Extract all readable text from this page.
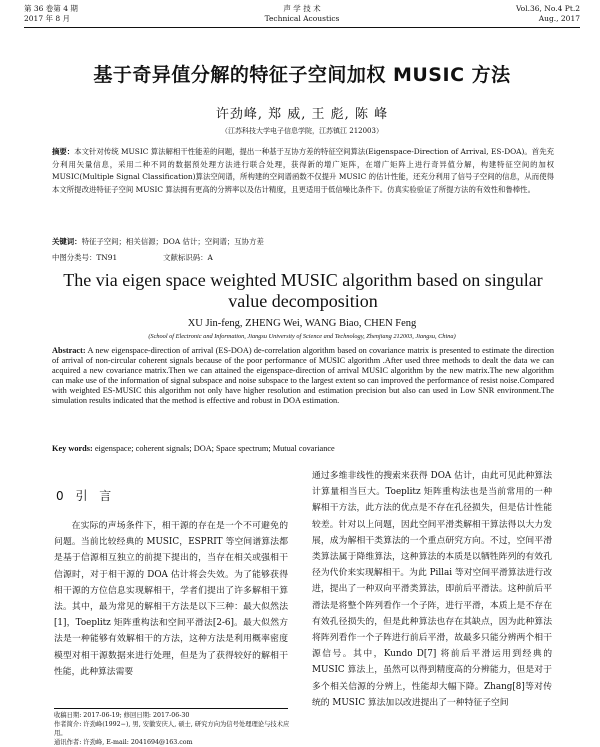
第 36 卷第 4 期
2017 年 8 月
声 学 技 术
Technical Acoustics
Vol.36, No.4 Pt.2
Aug., 2017
基于奇异值分解的特征子空间加权 MUSIC 方法
许劲峰, 郑 威, 王 彪, 陈 峰
（江苏科技大学电子信息学院，江苏镇江 212003）
摘要：本文针对传统 MUSIC 算法解相干性能差的问题，提出一种基于互协方差的特征空间算法(Eigenspace-Direction of Arrival, ES-DOA)。首先充分利用矢量信息，采用二种不同的数据预处理方法进行联合处理，获得新的增广矩阵，在增广矩阵上进行奇异值分解，构建特征空间的加权 MUSIC(Multiple Signal Classification)算法空间谱，所构建的空间谱函数不仅提升 MUSIC 的估计性能，还充分利用了信号子空间的信息，从而使得本文所提改进特征子空间 MUSIC 算法拥有更高的分辨率以及估计精度，且更适用于低信噪比条件下。仿真实验验证了所提方法的有效性和鲁棒性。
关键词：特征子空间；相关信源；DOA 估计；空间谱；互协方差
中图分类号：TN91	文献标识码：A
The via eigen space weighted MUSIC algorithm based on singular value decomposition
XU Jin-feng, ZHENG Wei, WANG Biao, CHEN Feng
(School of Electronic and Information, Jiangsu University of Science and Technology, Zhenjiang 212003, Jiangsu, China)
Abstract: A new eigenspace-direction of arrival (ES-DOA) de-correlation algorithm based on covariance matrix is presented to estimate the direction of arrival of non-circular coherent signals because of the poor performance of MUSIC algorithm .After used three methods to dealt the data we can acquired a new covariance matrix.Then we can attained the eigenspace-direction of arrival MUSIC algorithm by the new matrix.The new algorithm can make use of the information of signal subspace and noise subspace to the largest extent so can improved the performance of resist noise.Compared with weighted ES-MUSIC this algorithm not only have higher resolution and estimation precision but also can used in Low SNR environment.The simulation results indicated that the method is effective and robust in DOA estimation.
Key words: eigenspace; coherent signals; DOA; Space spectrum; Mutual covariance
0 引 言

在实际的声场条件下，相干源的存在是一个不可避免的问题。当前比较经典的 MUSIC，ESPRIT 等空间谱算法都是基于信源相互独立的前提下提出的，当存在相关或强相干信源时，对于相干源的 DOA 估计将会失效。为了能够获得相干源的方位信息实现解相干，学者们提出了许多解相干算法。其中，最为常见的解相干方法是以下三种：最大似然法[1]，Toeplitz 矩阵重构法和空间平滑法[2-6]。最大似然方法是一种能够有效解相干的方法，这种方法是利用概率密度模型对相干源数据来进行处理，但是为了获得较好的解相干性能，此种算法需要

通过多维非线性的搜索来获得 DOA 估计，由此可见此种算法计算量相当巨大。Toeplitz 矩阵重构法也是当前常用的一种解相干方法，此方法的优点是不存在孔径损失，但是估计性能较差。针对以上问题，因此空间平滑类解相干算法得以大力发展，成为解相干类算法的一个重点研究方向。不过，空间平滑类算法属于降维算法，这种算法的本质是以牺牲阵列的有效孔径为代价来实现解相干。为此 Pillai 等对空间平滑算法进行改进，提出了一种双向平滑类算法，即前后平滑法。这种前后平滑法是将整个阵列看作一个子阵，进行平滑，本质上是不存在有效孔径损失的，但是此种算法也存在其缺点，因为此种算法将阵列看作一个子阵进行前后平滑，故最多只能分辨两个相干源信号。其中，Kundo D[7] 将前后平滑运用到经典的 MUSIC 算法上，虽然可以得到精度高的分辨能力，但是对于多个相关信源的分辨上，性能却大幅下降。Zhang[8]等对传统的 MUSIC 算法加以改进提出了一种特征子空间

收稿日期: 2017-06-19; 修回日期: 2017-06-30
作者简介: 许劲峰(1992−), 男, 安徽安庆人, 硕士, 研究方向为信号处理理论与技术应用。
通讯作者: 许劲峰, E-mail: 2041694@163.com
